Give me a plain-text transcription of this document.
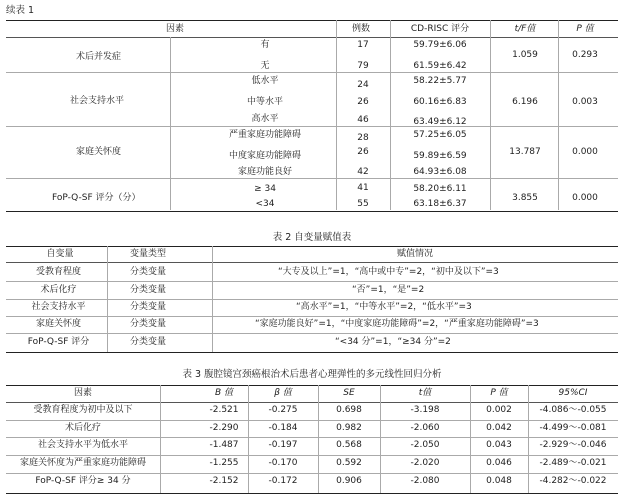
续表 1
因素	例数	CD-RISC 评分	t/F值	P 值
术后并发症
有	17	59.79±6.06
无	79	61.59±6.42
1.059	0.293
社会支持水平
低水平	24	58.22±5.77
中等水平	26	60.16±6.83
高水平	46	63.49±6.12
6.196	0.003
家庭关怀度
严重家庭功能障碍	28	57.25±6.05
中度家庭功能障碍	26	59.89±6.59
家庭功能良好	42	64.93±6.08
13.787	0.000
FoP-Q-SF 评分（分）
≥ 34	41	58.20±6.11
<34	55	63.18±6.37
3.855	0.000
表 2 自变量赋值表
自变量	变量类型	赋值情况
受教育程度	分类变量	“大专及以上”=1，“高中或中专”=2，“初中及以下”=3
术后化疗	分类变量	“否”=1，“是”=2
社会支持水平	分类变量	“高水平”=1，“中等水平”=2，“低水平”=3
家庭关怀度	分类变量	“家庭功能良好”=1，“中度家庭功能障碍”=2，“严重家庭功能障碍”=3
FoP-Q-SF 评分	分类变量	“<34 分”=1，“≥34 分”=2
表 3 腹腔镜宫颈癌根治术后患者心理弹性的多元线性回归分析
因素	B 值	β 值	SE	t值	P 值	95%CI
受教育程度为初中及以下	-2.521	-0.275	0.698	-3.198	0.002	-4.086～-0.055
术后化疗	-2.290	-0.184	0.982	-2.060	0.042	-4.499～-0.081
社会支持水平为低水平	-1.487	-0.197	0.568	-2.050	0.043	-2.929～-0.046
家庭关怀度为严重家庭功能障碍	-1.255	-0.170	0.592	-2.020	0.046	-2.489～-0.021
FoP-Q-SF 评分≥ 34 分	-2.152	-0.172	0.906	-2.080	0.048	-4.282～-0.022
